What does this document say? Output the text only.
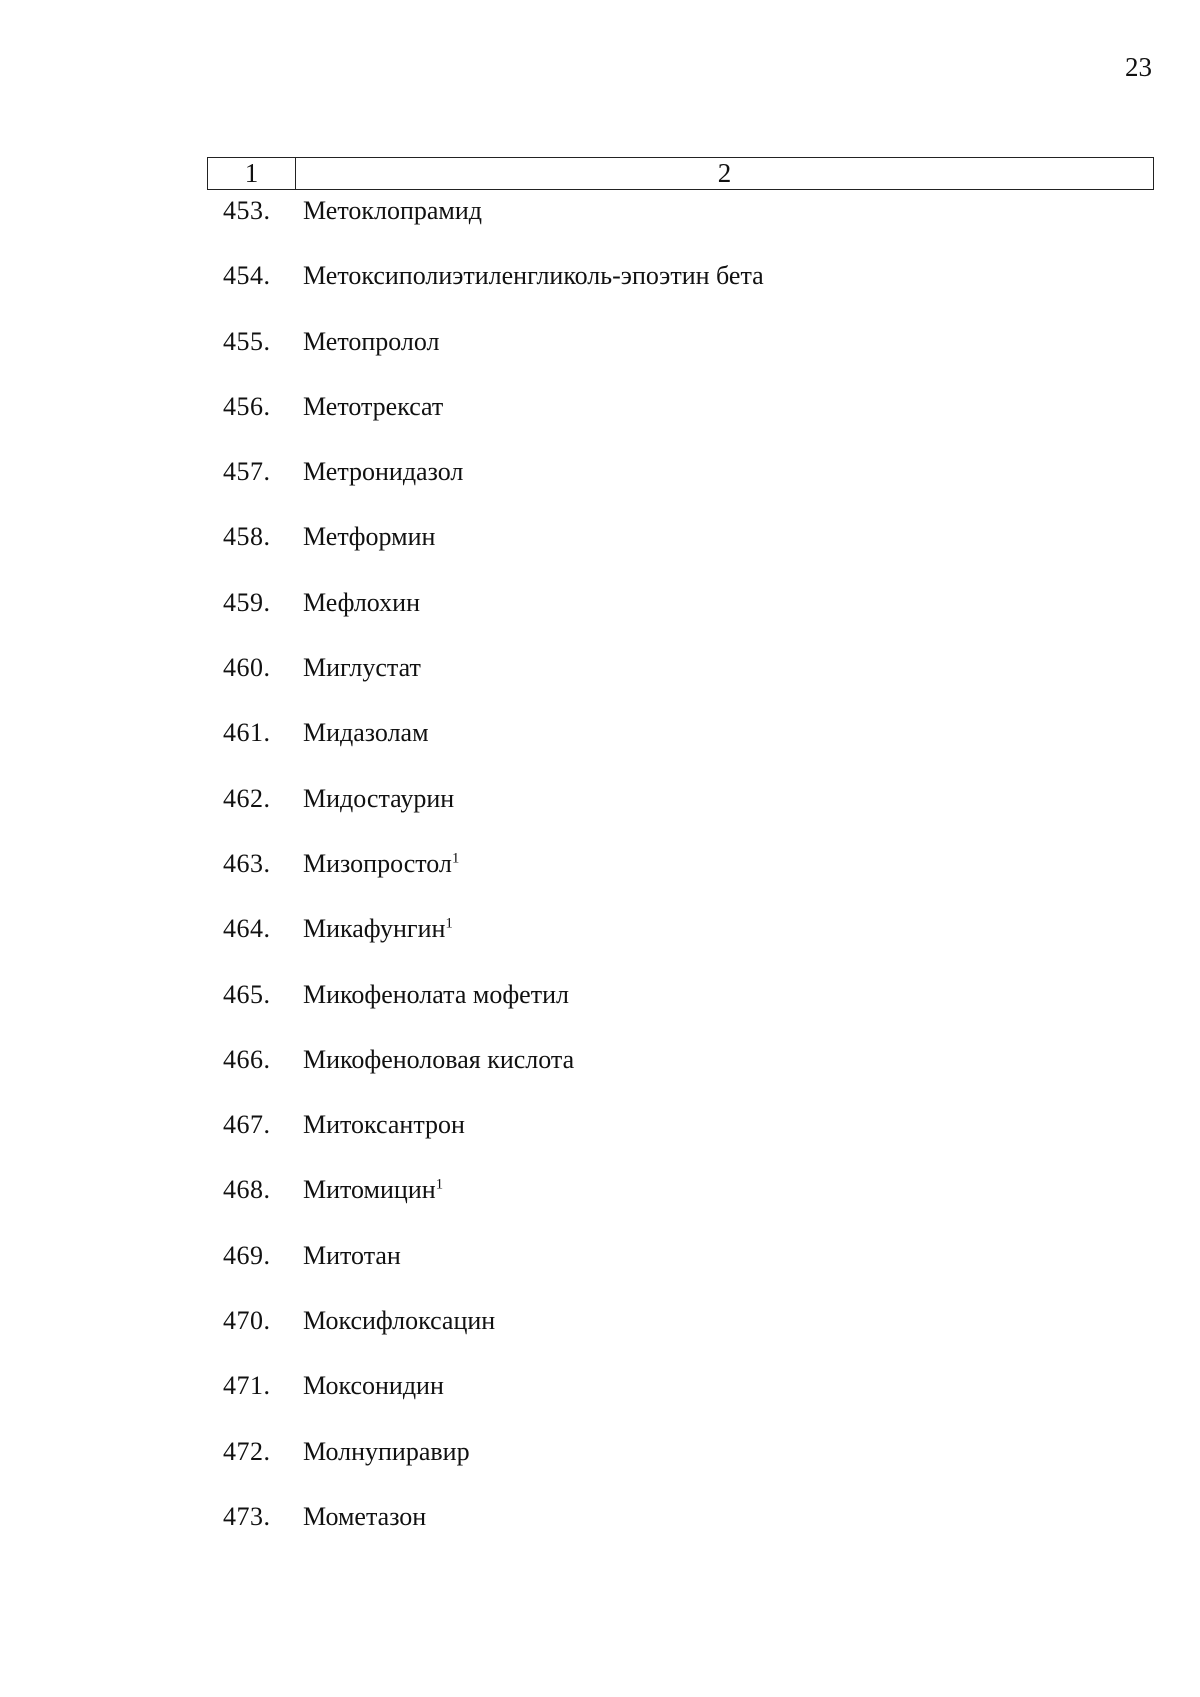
23
1	2
453. Метоклопрамид
454. Метоксиполиэтиленгликоль-эпоэтин бета
455. Метопролол
456. Метотрексат
457. Метронидазол
458. Метформин
459. Мефлохин
460. Миглустат
461. Мидазолам
462. Мидостаурин
463. Мизопростол$^1$
464. Микафунгин$^1$
465. Микофенолата мофетил
466. Микофеноловая кислота
467. Митоксантрон
468. Митомицин$^1$
469. Митотан
470. Моксифлоксацин
471. Моксонидин
472. Молнупиравир
473. Мометазон
